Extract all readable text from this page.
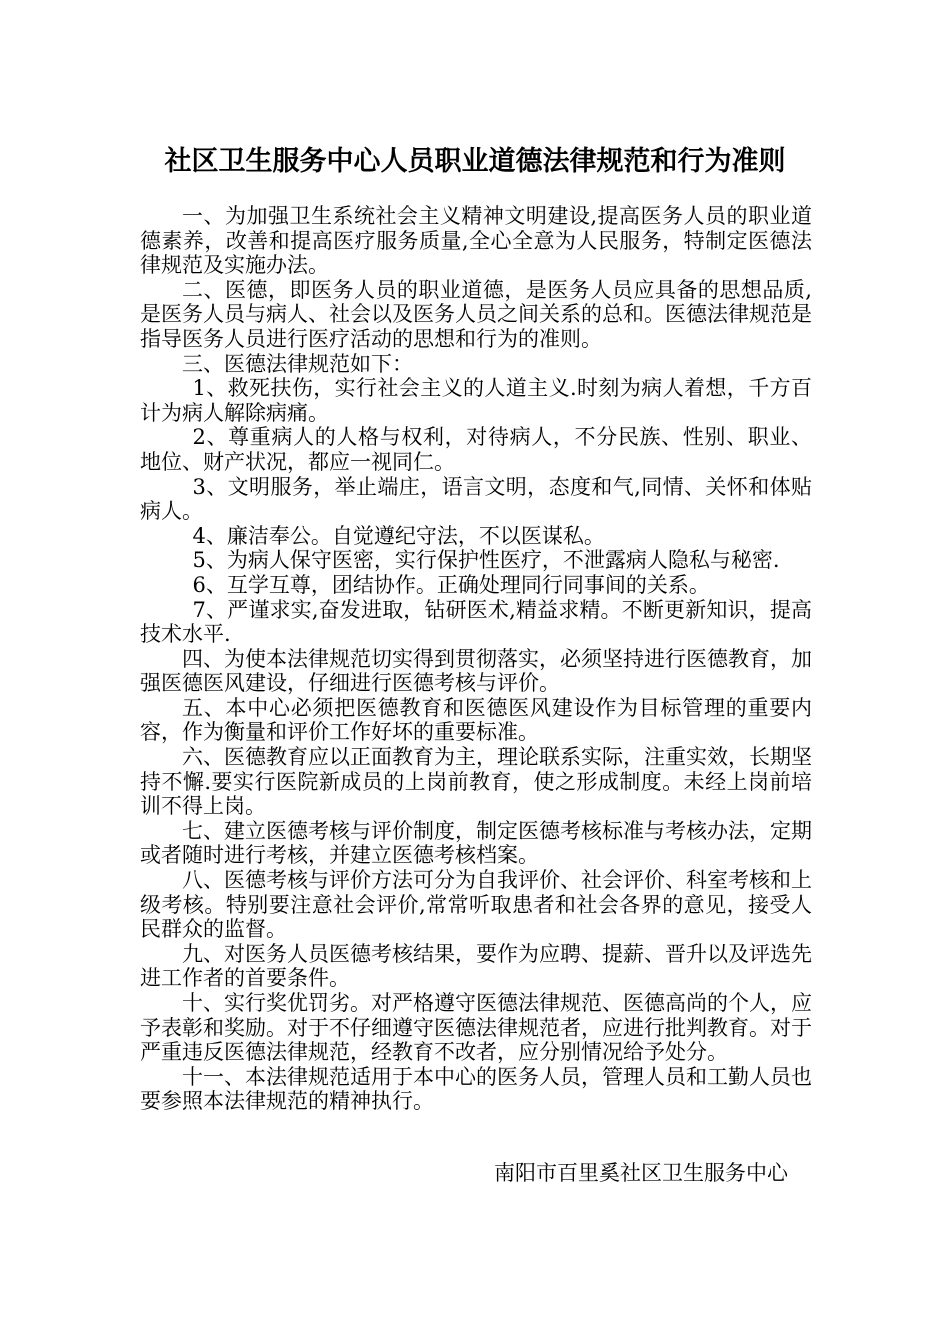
社区卫生服务中心人员职业道德法律规范和行为准则

一、为加强卫生系统社会主义精神文明建设,提高医务人员的职业道德素养，改善和提高医疗服务质量,全心全意为人民服务，特制定医德法律规范及实施办法。

二、医德，即医务人员的职业道德，是医务人员应具备的思想品质,是医务人员与病人、社会以及医务人员之间关系的总和。医德法律规范是指导医务人员进行医疗活动的思想和行为的准则。

三、医德法律规范如下：

1、救死扶伤，实行社会主义的人道主义.时刻为病人着想，千方百计为病人解除病痛。

2、尊重病人的人格与权利，对待病人，不分民族、性别、职业、地位、财产状况，都应一视同仁。

3、文明服务，举止端庄，语言文明，态度和气,同情、关怀和体贴病人。

4、廉洁奉公。自觉遵纪守法，不以医谋私。

5、为病人保守医密，实行保护性医疗，不泄露病人隐私与秘密.

6、互学互尊，团结协作。正确处理同行同事间的关系。

7、严谨求实,奋发进取，钻研医术,精益求精。不断更新知识，提高技术水平.

四、为使本法律规范切实得到贯彻落实，必须坚持进行医德教育，加强医德医风建设，仔细进行医德考核与评价。

五、本中心必须把医德教育和医德医风建设作为目标管理的重要内容，作为衡量和评价工作好坏的重要标准。

六、医德教育应以正面教育为主，理论联系实际，注重实效，长期坚持不懈.要实行医院新成员的上岗前教育，使之形成制度。未经上岗前培训不得上岗。

七、建立医德考核与评价制度，制定医德考核标准与考核办法，定期或者随时进行考核，并建立医德考核档案。

八、医德考核与评价方法可分为自我评价、社会评价、科室考核和上级考核。特别要注意社会评价,常常听取患者和社会各界的意见，接受人民群众的监督。

九、对医务人员医德考核结果，要作为应聘、提薪、晋升以及评选先进工作者的首要条件。

十、实行奖优罚劣。对严格遵守医德法律规范、医德高尚的个人，应予表彰和奖励。对于不仔细遵守医德法律规范者，应进行批判教育。对于严重违反医德法律规范，经教育不改者，应分别情况给予处分。

十一、本法律规范适用于本中心的医务人员，管理人员和工勤人员也要参照本法律规范的精神执行。

南阳市百里奚社区卫生服务中心
